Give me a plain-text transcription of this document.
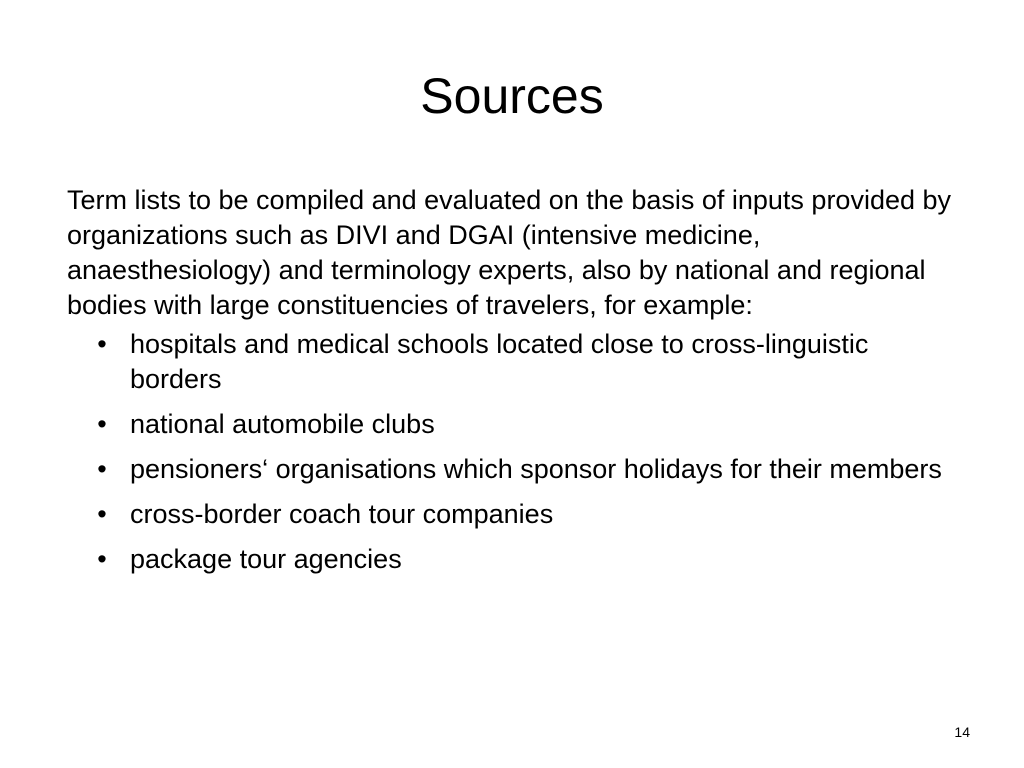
Sources

Term lists to be compiled and evaluated on the basis of inputs provided by organizations such as DIVI and DGAI (intensive medicine, anaesthesiology) and terminology experts, also by national and regional bodies with large constituencies of travelers, for example:

• hospitals and medical schools located close to cross-linguistic borders
• national automobile clubs
• pensioners‘ organisations which sponsor holidays for their members
• cross-border coach tour companies
• package tour agencies
14
